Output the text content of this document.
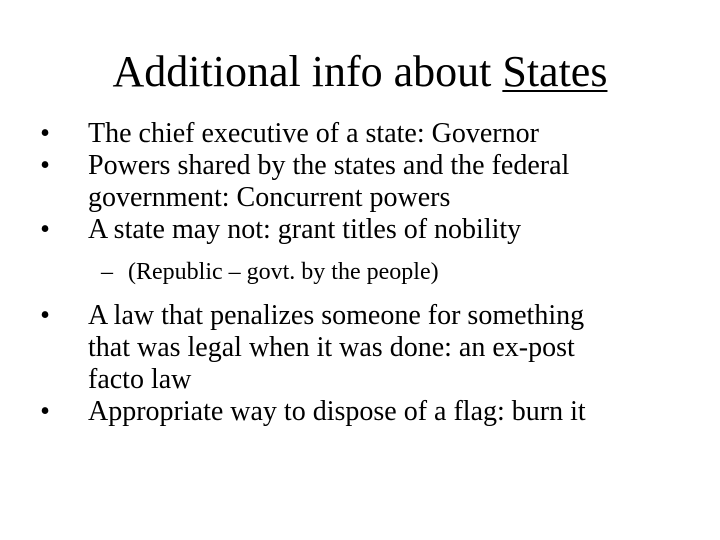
Additional info about States
•	The chief executive of a state: Governor
•	Powers shared by the states and the federal
government: Concurrent powers
•	A state may not: grant titles of nobility
– (Republic – govt. by the people)
•	A law that penalizes someone for something
that was legal when it was done: an ex-post
facto law
•	Appropriate way to dispose of a flag: burn it
